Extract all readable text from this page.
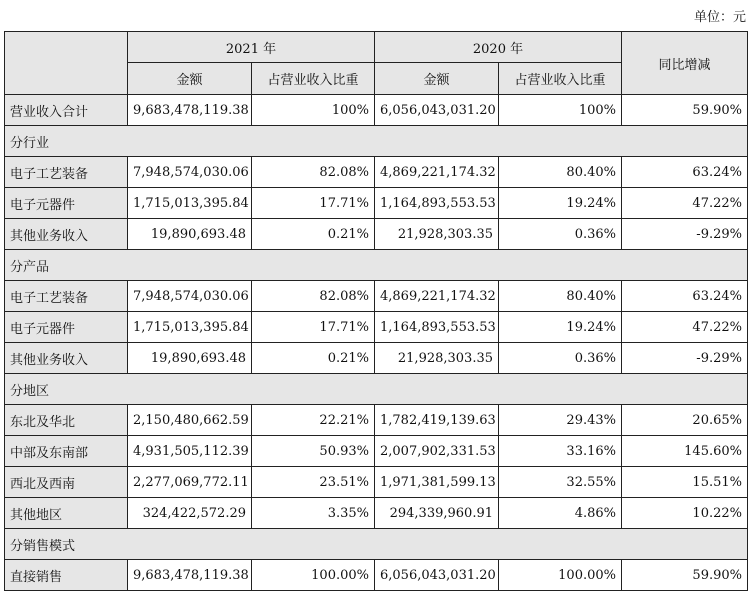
单位：元
	2021 年		2020 年		同比增减
	金额	占营业收入比重	金额	占营业收入比重	
营业收入合计	9,683,478,119.38	100%	6,056,043,031.20	100%	59.90%
分行业					
电子工艺装备	7,948,574,030.06	82.08%	4,869,221,174.32	80.40%	63.24%
电子元器件	1,715,013,395.84	17.71%	1,164,893,553.53	19.24%	47.22%
其他业务收入	19,890,693.48	0.21%	21,928,303.35	0.36%	-9.29%
分产品					
电子工艺装备	7,948,574,030.06	82.08%	4,869,221,174.32	80.40%	63.24%
电子元器件	1,715,013,395.84	17.71%	1,164,893,553.53	19.24%	47.22%
其他业务收入	19,890,693.48	0.21%	21,928,303.35	0.36%	-9.29%
分地区					
东北及华北	2,150,480,662.59	22.21%	1,782,419,139.63	29.43%	20.65%
中部及东南部	4,931,505,112.39	50.93%	2,007,902,331.53	33.16%	145.60%
西北及西南	2,277,069,772.11	23.51%	1,971,381,599.13	32.55%	15.51%
其他地区	324,422,572.29	3.35%	294,339,960.91	4.86%	10.22%
分销售模式					
直接销售	9,683,478,119.38	100.00%	6,056,043,031.20	100.00%	59.90%
